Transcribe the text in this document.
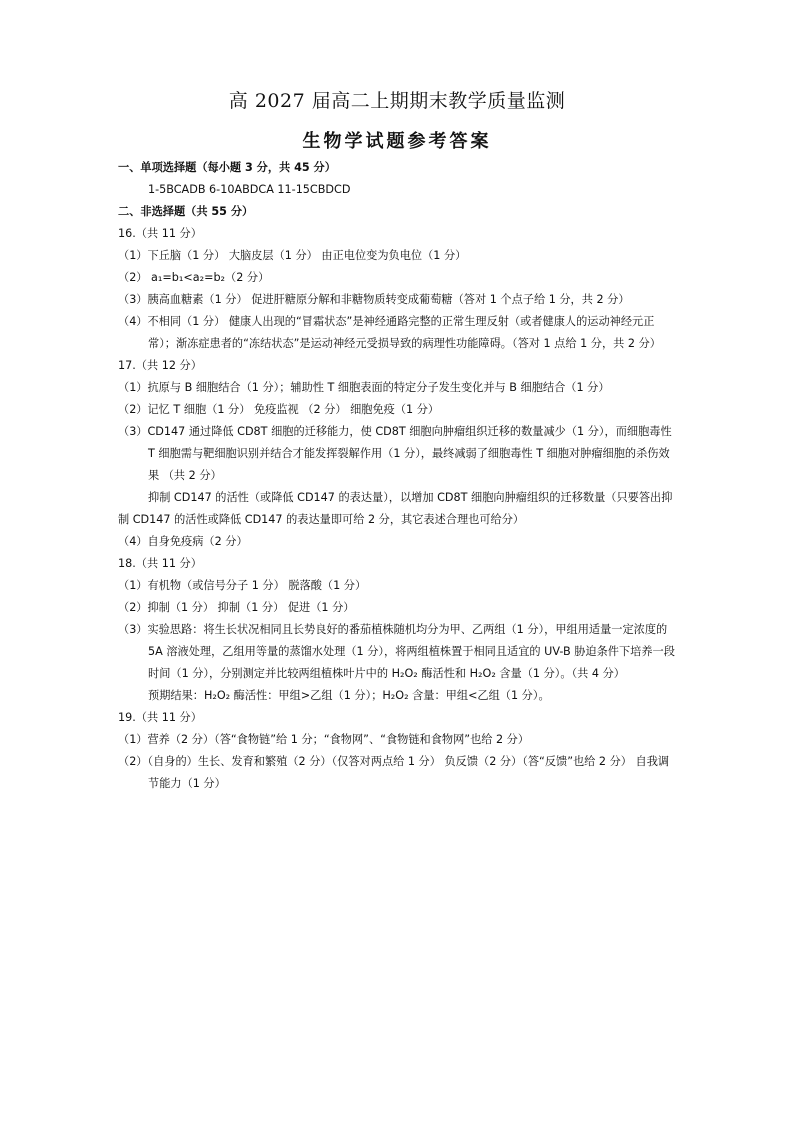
高 2027 届高二上期期末教学质量监测
生物学试题参考答案
一、单项选择题（每小题 3 分，共 45 分）
1-5BCADB 6-10ABDCA 11-15CBDCD
二、非选择题（共 55 分）
16.（共 11 分）
（1）下丘脑（1 分） 大脑皮层（1 分） 由正电位变为负电位（1 分）
（2） a₁=b₁<a₂=b₂（2 分）
（3）胰高血糖素（1 分） 促进肝糖原分解和非糖物质转变成葡萄糖（答对 1 个点子给 1 分，共 2 分）
（4）不相同（1 分） 健康人出现的“冒霜状态”是神经通路完整的正常生理反射（或者健康人的运动神经元正常）；渐冻症患者的“冻结状态”是运动神经元受损导致的病理性功能障碍。（答对 1 点给 1 分，共 2 分）
17.（共 12 分）
（1）抗原与 B 细胞结合（1 分）；辅助性 T 细胞表面的特定分子发生变化并与 B 细胞结合（1 分）
（2）记忆 T 细胞（1 分） 免疫监视 （2 分） 细胞免疫（1 分）
（3）CD147 通过降低 CD8T 细胞的迁移能力，使 CD8T 细胞向肿瘤组织迁移的数量减少（1 分），而细胞毒性 T 细胞需与靶细胞识别并结合才能发挥裂解作用（1 分），最终减弱了细胞毒性 T 细胞对肿瘤细胞的杀伤效果 （共 2 分）
抑制 CD147 的活性（或降低 CD147 的表达量），以增加 CD8T 细胞向肿瘤组织的迁移数量（只要答出抑制 CD147 的活性或降低 CD147 的表达量即可给 2 分，其它表述合理也可给分）
（4）自身免疫病（2 分）
18.（共 11 分）
（1）有机物（或信号分子 1 分） 脱落酸（1 分）
（2）抑制（1 分） 抑制（1 分） 促进（1 分）
（3）实验思路：将生长状况相同且长势良好的番茄植株随机均分为甲、乙两组（1 分），甲组用适量一定浓度的 5A 溶液处理，乙组用等量的蒸馏水处理（1 分），将两组植株置于相同且适宜的 UV-B 胁迫条件下培养一段时间（1 分），分别测定并比较两组植株叶片中的 H₂O₂ 酶活性和 H₂O₂ 含量（1 分）。（共 4 分）
预期结果：H₂O₂ 酶活性：甲组>乙组（1 分）；H₂O₂ 含量：甲组<乙组（1 分）。
19.（共 11 分）
（1）营养（2 分）（答“食物链”给 1 分；“食物网”、“食物链和食物网”也给 2 分）
（2）（自身的）生长、发育和繁殖（2 分）（仅答对两点给 1 分） 负反馈（2 分）（答“反馈”也给 2 分） 自我调节能力（1 分）
